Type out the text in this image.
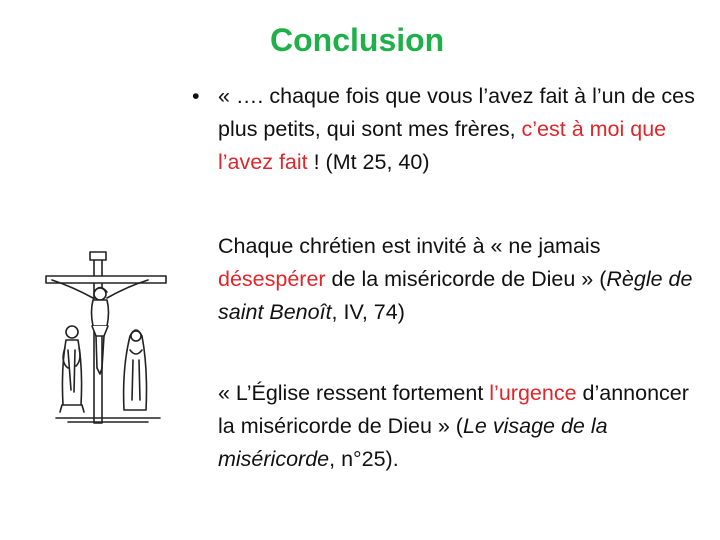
Conclusion
• « …. chaque fois que vous l’avez fait à l’un de ces plus petits, qui sont mes frères, c’est à moi que l’avez fait ! (Mt 25, 40)
Chaque chrétien est invité à « ne jamais désespérer de la miséricorde de Dieu » (Règle de saint Benoît, IV, 74)
« L’Église ressent fortement l’urgence d’annoncer la miséricorde de Dieu » (Le visage de la miséricorde, n°25).
